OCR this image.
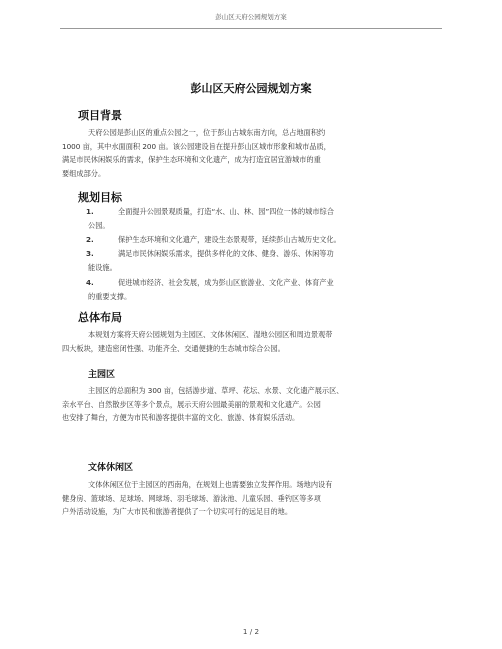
彭山区天府公园规划方案
彭山区天府公园规划方案
项目背景
天府公园是彭山区的重点公园之一，位于彭山古城东南方向，总占地面积约
1000 亩，其中水面面积 200 亩。该公园建设旨在提升彭山区城市形象和城市品质，
满足市民休闲娱乐的需求，保护生态环境和文化遗产，成为打造宜居宜游城市的重
要组成部分。
规划目标
1.	全面提升公园景观质量，打造“水、山、林、园”四位一体的城市综合
公园。
2.	保护生态环境和文化遗产，建设生态景观带，延续彭山古城历史文化。
3.	满足市民休闲娱乐需求，提供多样化的文体、健身、游乐、休闲等功
能设施。
4.	促进城市经济、社会发展，成为彭山区旅游业、文化产业、体育产业
的重要支撑。
总体布局
本规划方案将天府公园规划为主园区、文体休闲区、湿地公园区和周边景观带
四大板块，建造密闭性强、功能齐全、交通便捷的生态城市综合公园。
主园区
主园区的总面积为 300 亩，包括游步道、草坪、花坛、水景、文化遗产展示区、
亲水平台、自然散步区等多个景点，展示天府公园最美丽的景观和文化遗产。公园
也安排了舞台，方便为市民和游客提供丰富的文化、旅游、体育娱乐活动。
文体休闲区
文体休闲区位于主园区的西南角，在规划上也需要独立发挥作用。场地内设有
健身房、篮球场、足球场、网球场、羽毛球场、游泳池、儿童乐园、垂钓区等多项
户外活动设施，为广大市民和旅游者提供了一个切实可行的远足目的地。
1 / 2
